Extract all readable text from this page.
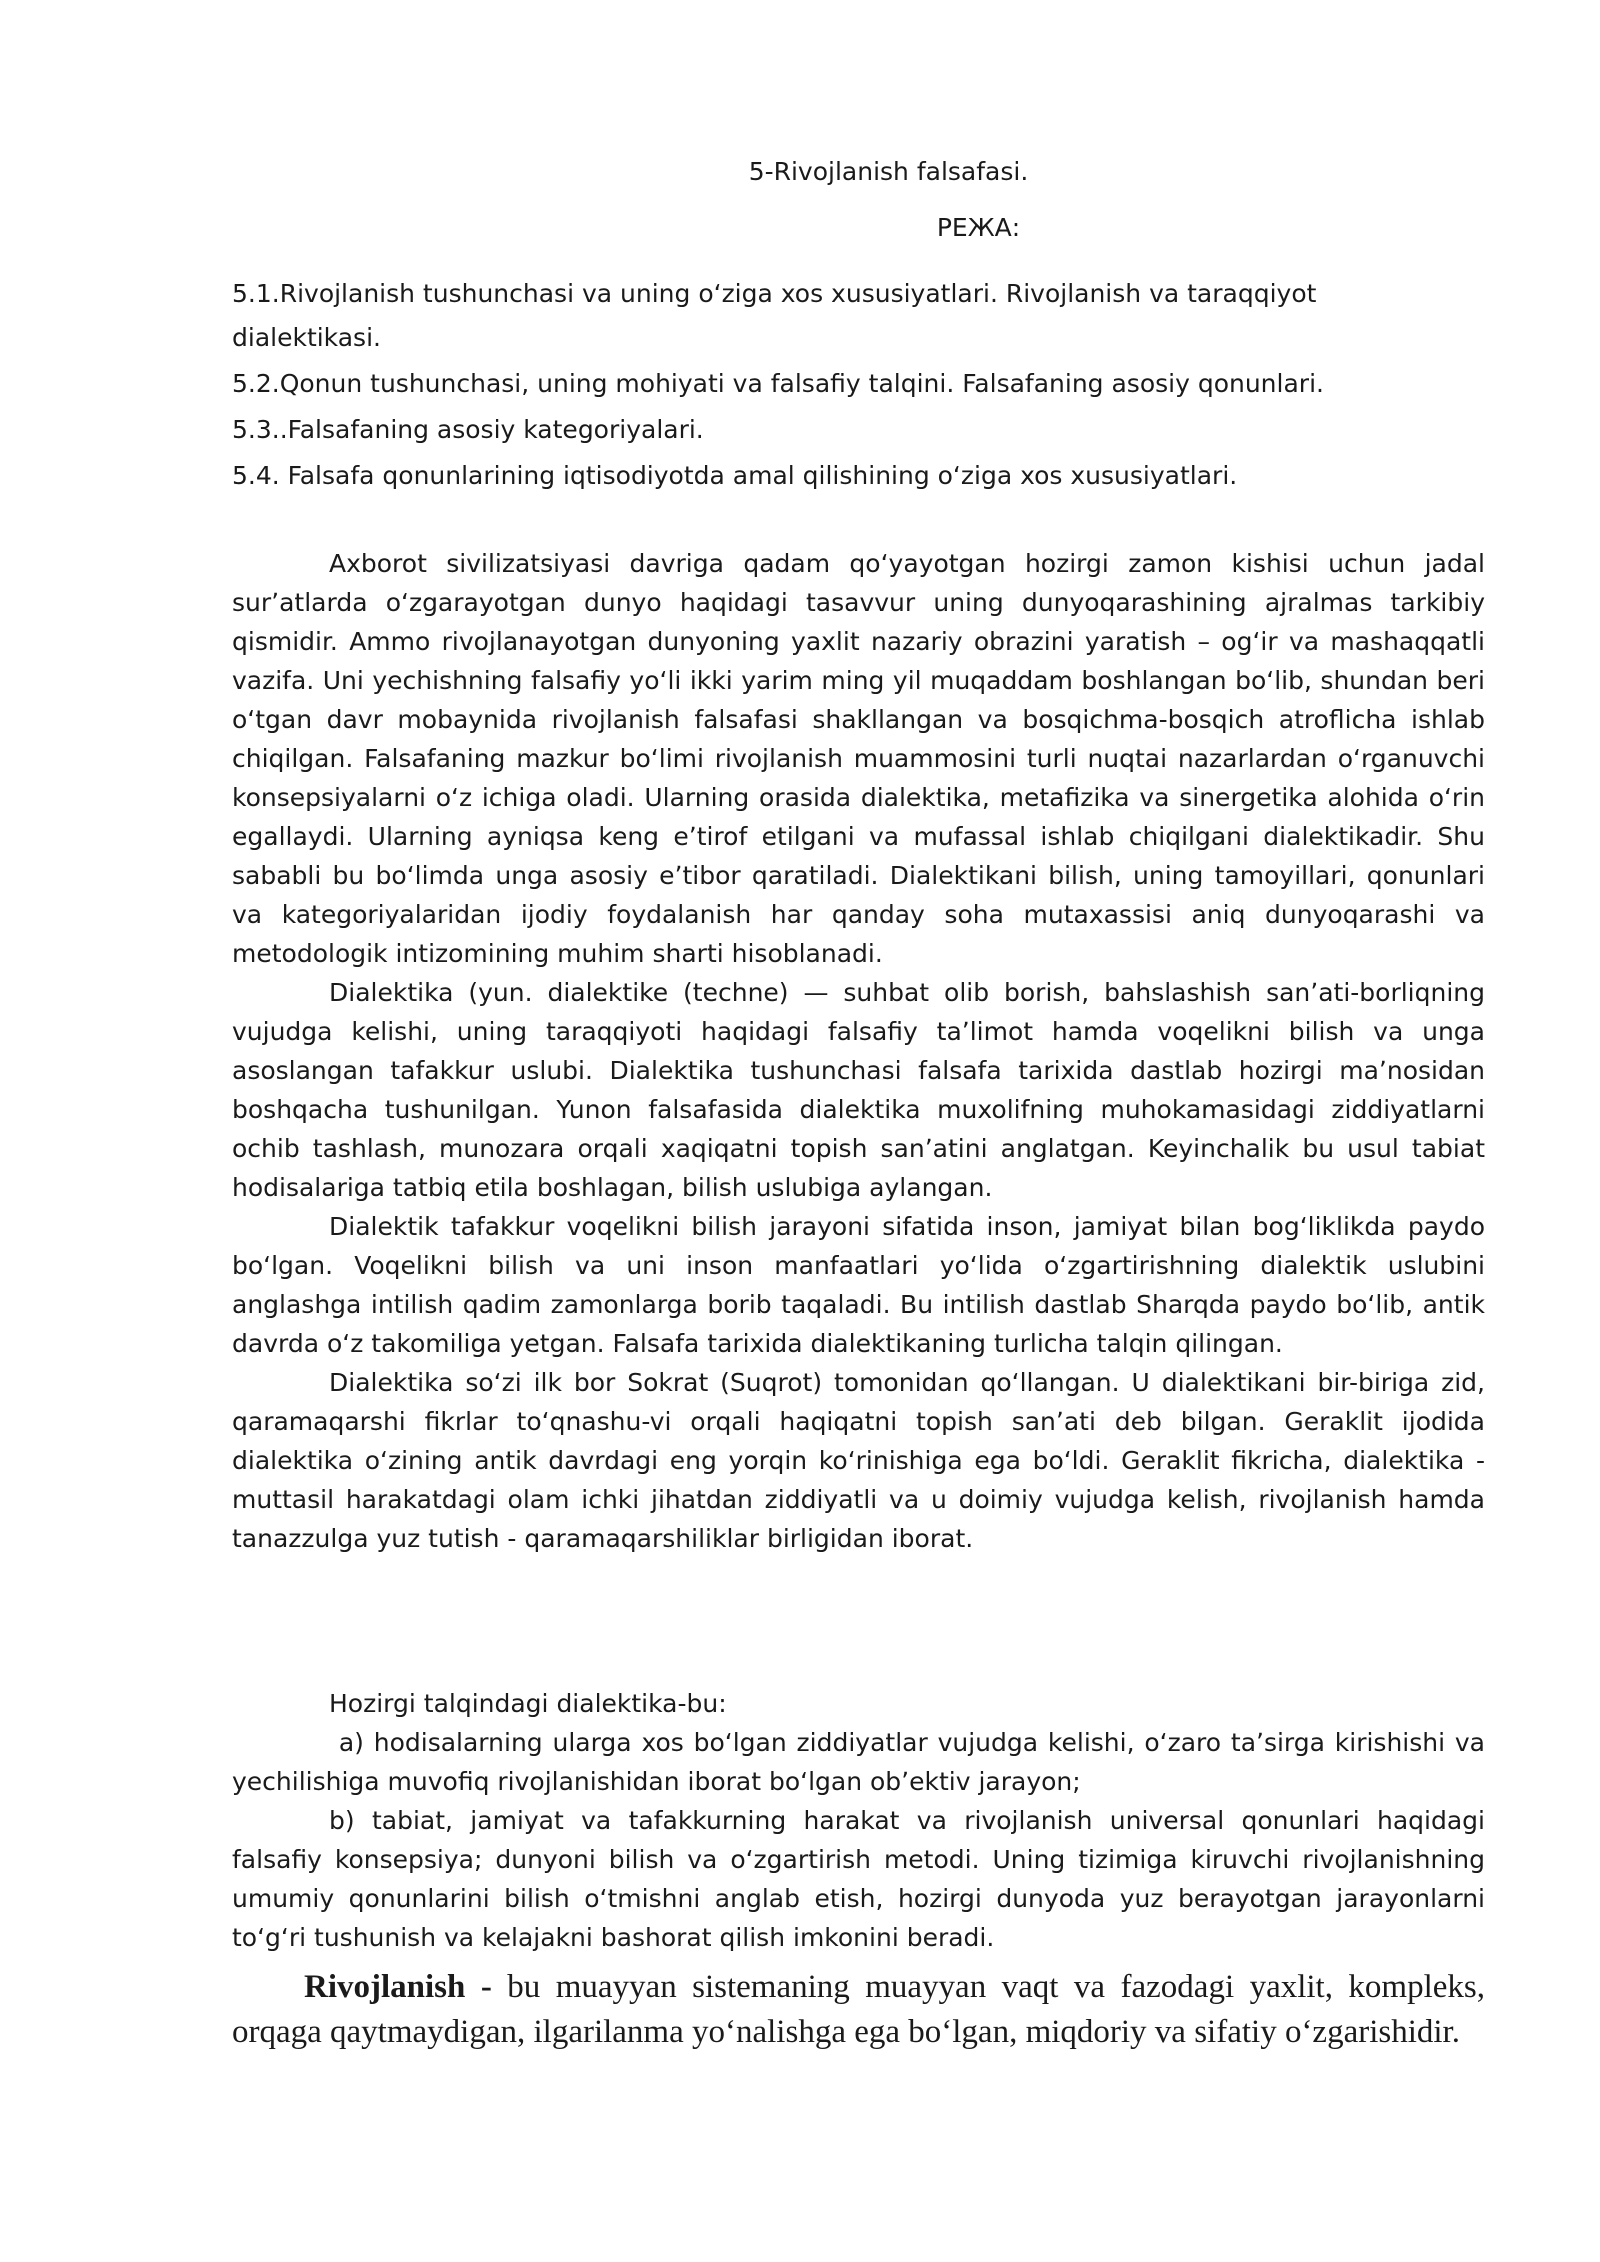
5-Rivojlanish falsafasi.

РЕЖА:

5.1.Rivojlanish tushunchasi va uning oʻziga xos xususiyatlari. Rivojlanish va taraqqiyot dialektikasi.
5.2.Qonun tushunchasi, uning mohiyati va falsafiy talqini. Falsafaning asosiy qonunlari.
5.3..Falsafaning asosiy kategoriyalari.
5.4. Falsafa qonunlarining iqtisodiyotda amal qilishining oʻziga xos xususiyatlari.

Axborot sivilizatsiyasi davriga qadam qoʻyayotgan hozirgi zamon kishisi uchun jadal surʼatlarda oʻzgarayotgan dunyo haqidagi tasavvur uning dunyoqarashining ajralmas tarkibiy qismidir. Ammo rivojlanayotgan dunyoning yaxlit nazariy obrazini yaratish – ogʻir va mashaqqatli vazifa. Uni yechishning falsafiy yoʻli ikki yarim ming yil muqaddam boshlangan boʻlib, shundan beri oʻtgan davr mobaynida rivojlanish falsafasi shakllangan va bosqichma-bosqich atroflicha ishlab chiqilgan. Falsafaning mazkur boʻlimi rivojlanish muammosini turli nuqtai nazarlardan oʻrganuvchi konsepsiyalarni oʻz ichiga oladi. Ularning orasida dialektika, metafizika va sinergetika alohida oʻrin egallaydi. Ularning ayniqsa keng eʼtirof etilgani va mufassal ishlab chiqilgani dialektikadir. Shu sababli bu boʻlimda unga asosiy eʼtibor qaratiladi. Dialektikani bilish, uning tamoyillari, qonunlari va kategoriyalaridan ijodiy foydalanish har qanday soha mutaxassisi aniq dunyoqarashi va metodologik intizomining muhim sharti hisoblanadi.

Dialektika (yun. dialektike (techne) — suhbat olib borish, bahslashish sanʼati-borliqning vujudga kelishi, uning taraqqiyoti haqidagi falsafiy taʼlimot hamda voqelikni bilish va unga asoslangan tafakkur uslubi. Dialektika tushunchasi falsafa tarixida dastlab hozirgi maʼnosidan boshqacha tushunilgan. Yunon falsafasida dialektika muxolifning muhokamasidagi ziddiyatlarni ochib tashlash, munozara orqali xaqiqatni topish sanʼatini anglatgan. Keyinchalik bu usul tabiat hodisalariga tatbiq etila boshlagan, bilish uslubiga aylangan.

Dialektik tafakkur voqelikni bilish jarayoni sifatida inson, jamiyat bilan bogʻliklikda paydo boʻlgan. Voqelikni bilish va uni inson manfaatlari yoʻlida oʻzgartirishning dialektik uslubini anglashga intilish qadim zamonlarga borib taqaladi. Bu intilish dastlab Sharqda paydo boʻlib, antik davrda oʻz takomiliga yetgan. Falsafa tarixida dialektikaning turlicha talqin qilingan.

Dialektika soʻzi ilk bor Sokrat (Suqrot) tomonidan qoʻllangan. U dialektikani bir-biriga zid, qaramaqarshi fikrlar toʻqnashu-vi orqali haqiqatni topish sanʼati deb bilgan. Geraklit ijodida dialektika oʻzining antik davrdagi eng yorqin koʻrinishiga ega boʻldi. Geraklit fikricha, dialektika - muttasil harakatdagi olam ichki jihatdan ziddiyatli va u doimiy vujudga kelish, rivojlanish hamda tanazzulga yuz tutish - qaramaqarshiliklar birligidan iborat.

Hozirgi talqindagi dialektika-bu:

a) hodisalarning ularga xos boʻlgan ziddiyatlar vujudga kelishi, oʻzaro taʼsirga kirishishi va yechilishiga muvofiq rivojlanishidan iborat boʻlgan obʼektiv jarayon;

b) tabiat, jamiyat va tafakkurning harakat va rivojlanish universal qonunlari haqidagi falsafiy konsepsiya; dunyoni bilish va oʻzgartirish metodi. Uning tizimiga kiruvchi rivojlanishning umumiy qonunlarini bilish oʻtmishni anglab etish, hozirgi dunyoda yuz berayotgan jarayonlarni toʻgʻri tushunish va kelajakni bashorat qilish imkonini beradi.

Rivojlanish - bu muayyan sistemaning muayyan vaqt va fazodagi yaxlit, kompleks, orqaga qaytmaydigan, ilgarilanma yoʻnalishga ega boʻlgan, miqdoriy va sifatiy oʻzgarishidir.
